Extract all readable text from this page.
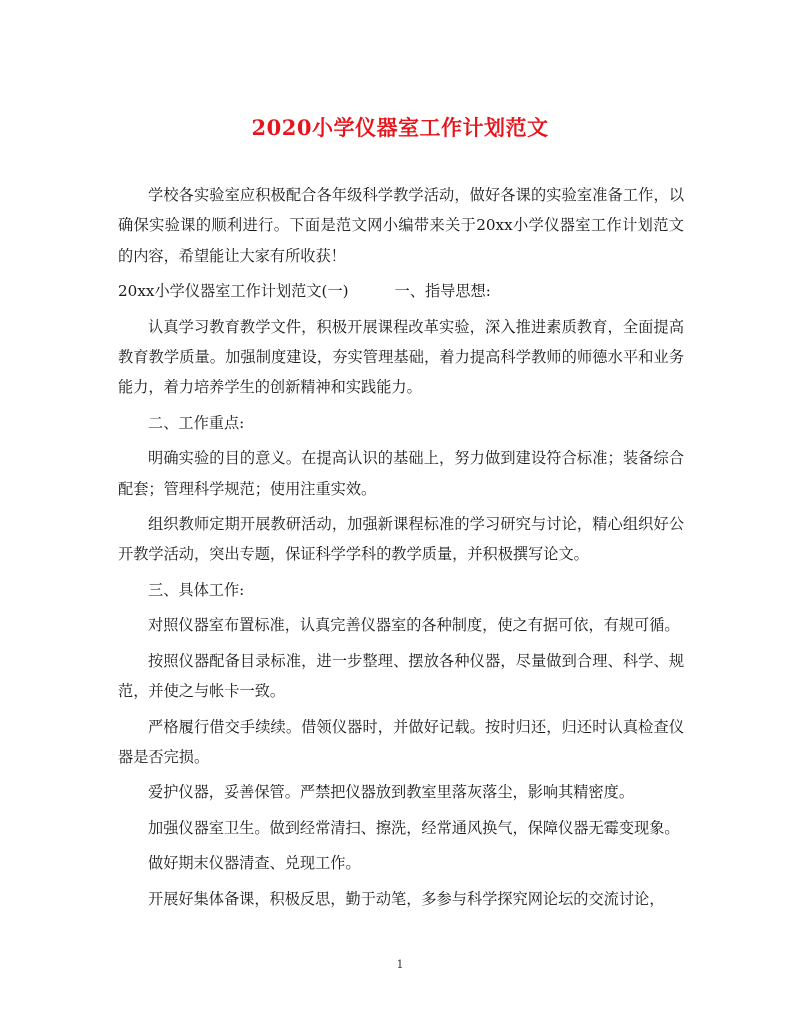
2020小学仪器室工作计划范文

学校各实验室应积极配合各年级科学教学活动，做好各课的实验室准备工作，以确保实验课的顺利进行。下面是范文网小编带来关于20xx小学仪器室工作计划范文的内容，希望能让大家有所收获！

20xx小学仪器室工作计划范文(一)	一、指导思想:

认真学习教育教学文件，积极开展课程改革实验，深入推进素质教育，全面提高教育教学质量。加强制度建设，夯实管理基础，着力提高科学教师的师德水平和业务能力，着力培养学生的创新精神和实践能力。

二、工作重点:

明确实验的目的意义。在提高认识的基础上，努力做到建设符合标准；装备综合配套；管理科学规范；使用注重实效。

组织教师定期开展教研活动，加强新课程标准的学习研究与讨论，精心组织好公开教学活动，突出专题，保证科学学科的教学质量，并积极撰写论文。

三、具体工作:

对照仪器室布置标准，认真完善仪器室的各种制度，使之有据可依，有规可循。

按照仪器配备目录标准，进一步整理、摆放各种仪器，尽量做到合理、科学、规范，并使之与帐卡一致。

严格履行借交手续续。借领仪器时，并做好记载。按时归还，归还时认真检查仪器是否完损。

爱护仪器，妥善保管。严禁把仪器放到教室里落灰落尘，影响其精密度。

加强仪器室卫生。做到经常清扫、擦洗，经常通风换气，保障仪器无霉变现象。

做好期末仪器清查、兑现工作。

开展好集体备课，积极反思，勤于动笔，多参与科学探究网论坛的交流讨论，

1
